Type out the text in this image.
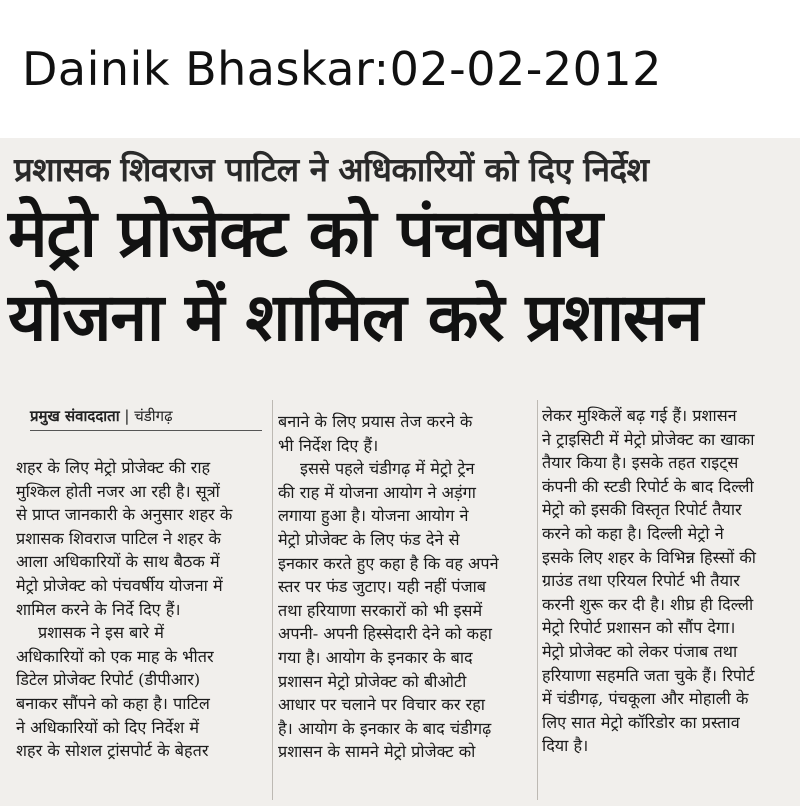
Dainik Bhaskar:02-02-2012
प्रशासक शिवराज पाटिल ने अधिकारियों को दिए निर्देश
मेट्रो प्रोजेक्ट को पंचवर्षीय
योजना में शामिल करे प्रशासन
प्रमुख संवाददाता | चंडीगढ़

शहर के लिए मेट्रो प्रोजेक्ट की राह

मुश्किल होती नजर आ रही है। सूत्रों

से प्राप्त जानकारी के अनुसार शहर के

प्रशासक शिवराज पाटिल ने शहर के

आला अधिकारियों के साथ बैठक में

मेट्रो प्रोजेक्ट को पंचवर्षीय योजना में

शामिल करने के निर्दे दिए हैं।

प्रशासक ने इस बारे में

अधिकारियों को एक माह के भीतर

डिटेल प्रोजेक्ट रिपोर्ट (डीपीआर)

बनाकर सौंपने को कहा है। पाटिल

ने अधिकारियों को दिए निर्देश में

शहर के सोशल ट्रांसपोर्ट के बेहतर

बनाने के लिए प्रयास तेज करने के

भी निर्देश दिए हैं।

इससे पहले चंडीगढ़ में मेट्रो ट्रेन

की राह में योजना आयोग ने अड़ंगा

लगाया हुआ है। योजना आयोग ने

मेट्रो प्रोजेक्ट के लिए फंड देने से

इनकार करते हुए कहा है कि वह अपने

स्तर पर फंड जुटाए। यही नहीं पंजाब

तथा हरियाणा सरकारों को भी इसमें

अपनी- अपनी हिस्सेदारी देने को कहा

गया है। आयोग के इनकार के बाद

प्रशासन मेट्रो प्रोजेक्ट को बीओटी

आधार पर चलाने पर विचार कर रहा

है। आयोग के इनकार के बाद चंडीगढ़

प्रशासन के सामने मेट्रो प्रोजेक्ट को

लेकर मुश्किलें बढ़ गई हैं। प्रशासन

ने ट्राइसिटी में मेट्रो प्रोजेक्ट का खाका

तैयार किया है। इसके तहत राइट्स

कंपनी की स्टडी रिपोर्ट के बाद दिल्ली

मेट्रो को इसकी विस्तृत रिपोर्ट तैयार

करने को कहा है। दिल्ली मेट्रो ने

इसके लिए शहर के विभिन्न हिस्सों की

ग्राउंड तथा एरियल रिपोर्ट भी तैयार

करनी शुरू कर दी है। शीघ्र ही दिल्ली

मेट्रो रिपोर्ट प्रशासन को सौंप देगा।

मेट्रो प्रोजेक्ट को लेकर पंजाब तथा

हरियाणा सहमति जता चुके हैं। रिपोर्ट

में चंडीगढ़, पंचकूला और मोहाली के

लिए सात मेट्रो कॉरिडोर का प्रस्ताव

दिया है।
